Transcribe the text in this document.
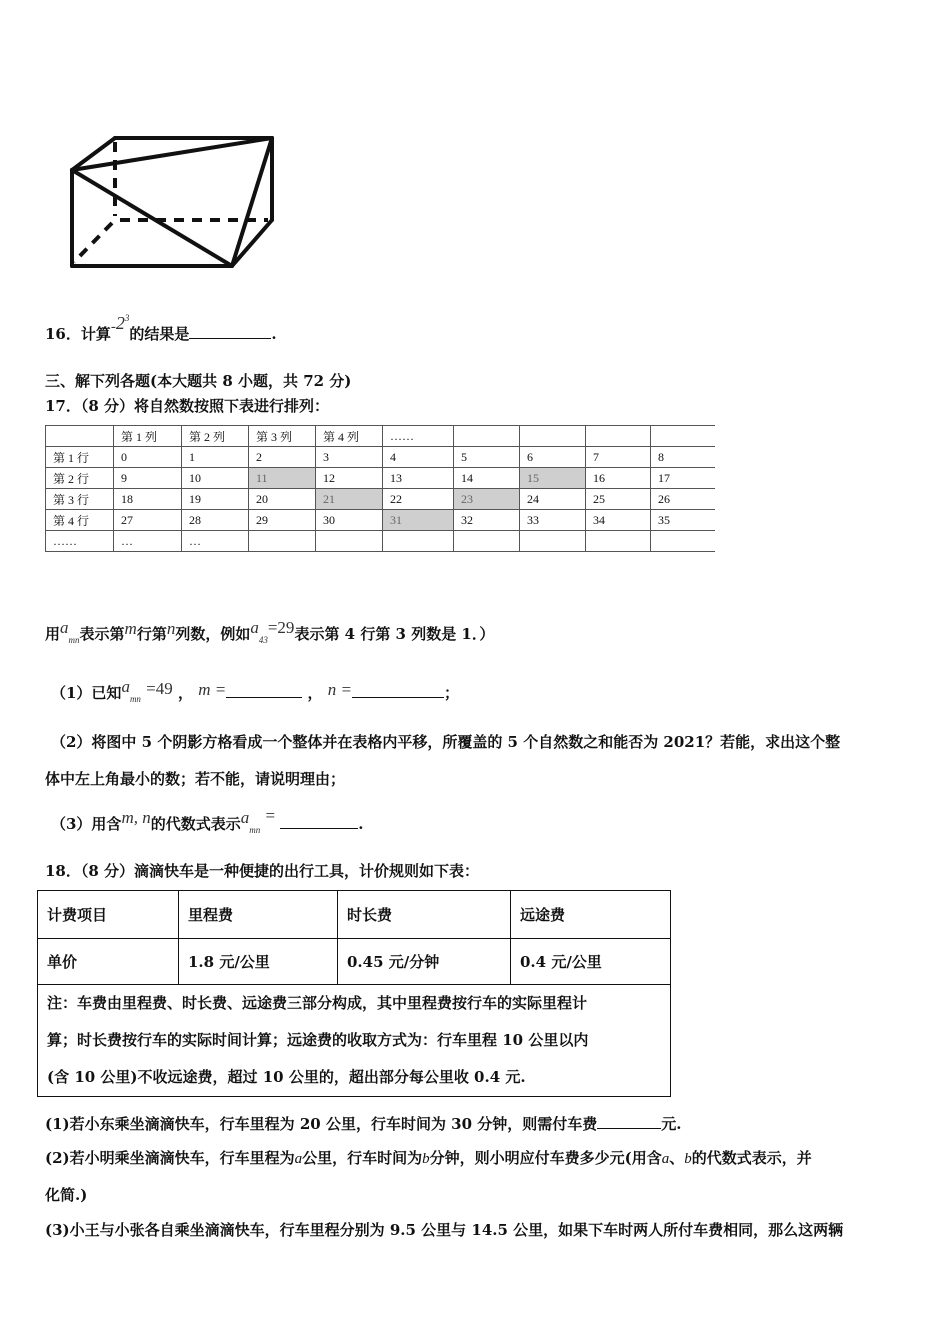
16．计算$-2^3$的结果是	.
三、解下列各题(本大题共 8 小题，共 72 分)
17．（8 分）将自然数按照下表进行排列：
	第 1 列	第 2 列	第 3 列	第 4 列	……				
第 1 行	0	1	2	3	4	5	6	7	8
第 2 行	9	10	11	12	13	14	15	16	17
第 3 行	18	19	20	21	22	23	24	25	26
第 4 行	27	28	29	30	31	32	33	34	35
……	…	…							
用$a_{mn}$表示第m行第n列数，例如$a_{43}=29$表示第 4 行第 3 列数是 1．）
（1）已知$a_{mn} =49$ ， m =	， n =	；
（2）将图中 5 个阴影方格看成一个整体并在表格内平移，所覆盖的 5 个自然数之和能否为 2021？若能，求出这个整
体中左上角最小的数；若不能，请说明理由；
（3）用含m, n的代数式表示$a_{mn}$ =	.
18．（8 分）滴滴快车是一种便捷的出行工具，计价规则如下表：
计费项目	里程费	时长费	远途费
单价	1.8 元/公里	0.45 元/分钟	0.4 元/公里

注：车费由里程费、时长费、远途费三部分构成，其中里程费按行车的实际里程计
算；时长费按行车的实际时间计算；远途费的收取方式为：行车里程 10 公里以内
(含 10 公里)不收远途费，超过 10 公里的，超出部分每公里收 0.4 元.			
(1)若小东乘坐滴滴快车，行车里程为 20 公里，行车时间为 30 分钟，则需付车费	元.
(2)若小明乘坐滴滴快车，行车里程为a公里，行车时间为b分钟，则小明应付车费多少元(用含a、b的代数式表示，并
化简.)
(3)小王与小张各自乘坐滴滴快车，行车里程分别为 9.5 公里与 14.5 公里，如果下车时两人所付车费相同，那么这两辆
